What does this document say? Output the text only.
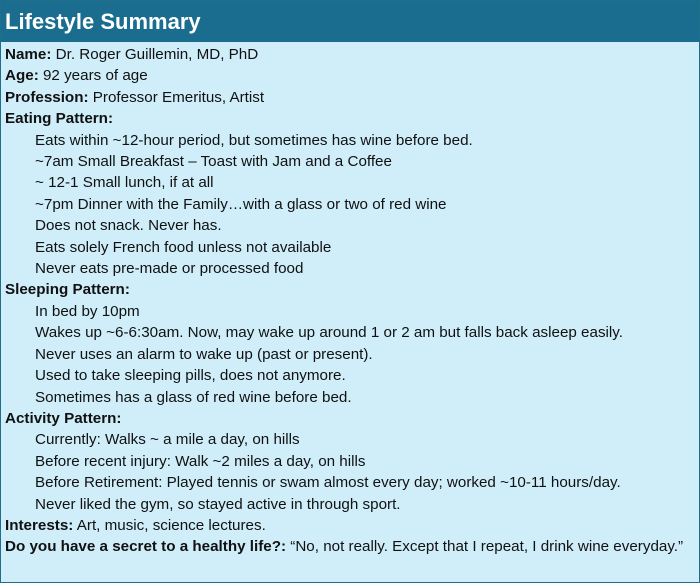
Lifestyle Summary
Name: Dr. Roger Guillemin, MD, PhD
Age: 92 years of age
Profession: Professor Emeritus, Artist
Eating Pattern:
Eats within ~12-hour period, but sometimes has wine before bed.
~7am Small Breakfast – Toast with Jam and a Coffee
~ 12-1 Small lunch, if at all
~7pm Dinner with the Family…with a glass or two of red wine
Does not snack. Never has.
Eats solely French food unless not available
Never eats pre-made or processed food
Sleeping Pattern:
In bed by 10pm
Wakes up ~6-6:30am. Now, may wake up around 1 or 2 am but falls back asleep easily.
Never uses an alarm to wake up (past or present).
Used to take sleeping pills, does not anymore.
Sometimes has a glass of red wine before bed.
Activity Pattern:
Currently: Walks ~ a mile a day, on hills
Before recent injury: Walk ~2 miles a day, on hills
Before Retirement: Played tennis or swam almost every day; worked ~10-11 hours/day.
Never liked the gym, so stayed active in through sport.
Interests: Art, music, science lectures.
Do you have a secret to a healthy life?: “No, not really. Except that I repeat, I drink wine everyday.”
